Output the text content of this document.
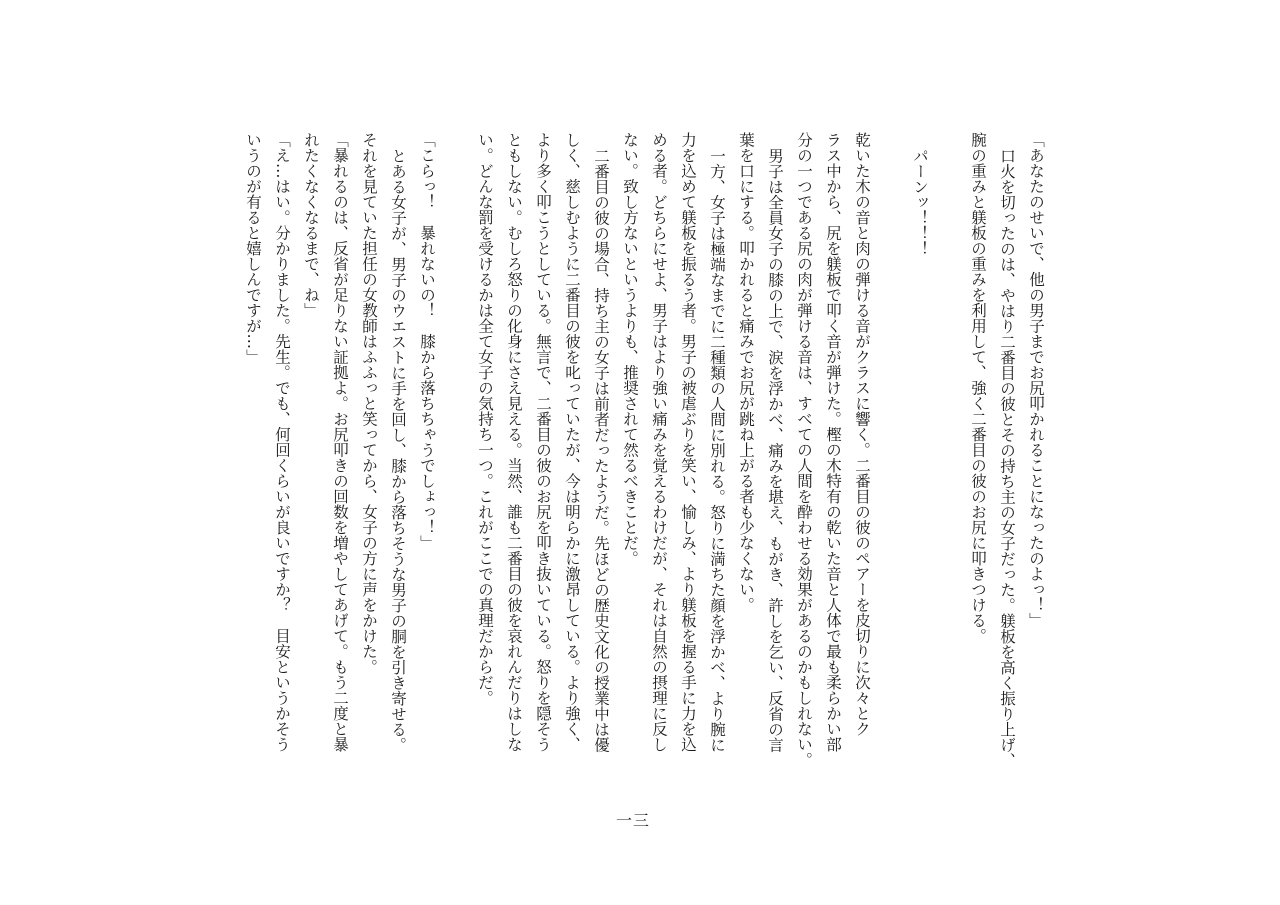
「あなたのせいで、他の男子までお尻叩かれることになったのよっ！」

口火を切ったのは、やはり二番目の彼とその持ち主の女子だった。躾板を高く振り上げ、

腕の重みと躾板の重みを利用して、強く二番目の彼のお尻に叩きつける。

パーンッ！！！

乾いた木の音と肉の弾ける音がクラスに響く。二番目の彼のペアーを皮切りに次々とク

ラス中から、尻を躾板で叩く音が弾けた。樫の木特有の乾いた音と人体で最も柔らかい部

分の一つである尻の肉が弾ける音は、すべての人間を酔わせる効果があるのかもしれない。

男子は全員女子の膝の上で、涙を浮かべ、痛みを堪え、もがき、許しを乞い、反省の言

葉を口にする。叩かれると痛みでお尻が跳ね上がる者も少なくない。

一方、女子は極端なまでに二種類の人間に別れる。怒りに満ちた顔を浮かべ、より腕に

力を込めて躾板を振るう者。男子の被虐ぶりを笑い、愉しみ、より躾板を握る手に力を込

める者。どちらにせよ、男子はより強い痛みを覚えるわけだが、それは自然の摂理に反し

ない。致し方ないというよりも、推奨されて然るべきことだ。

二番目の彼の場合、持ち主の女子は前者だったようだ。先ほどの歴史文化の授業中は優

しく、慈しむように二番目の彼を叱っていたが、今は明らかに激昂している。より強く、

より多く叩こうとしている。無言で、二番目の彼のお尻を叩き抜いている。怒りを隠そう

ともしない。むしろ怒りの化身にさえ見える。当然、誰も二番目の彼を哀れんだりはしな

い。どんな罰を受けるかは全て女子の気持ち一つ。これがここでの真理だからだ。

「こらっ！　暴れないの！　膝から落ちちゃうでしょっ！」

とある女子が、男子のウエストに手を回し、膝から落ちそうな男子の胴を引き寄せる。

それを見ていた担任の女教師はふふっと笑ってから、女子の方に声をかけた。

「暴れるのは、反省が足りない証拠よ。お尻叩きの回数を増やしてあげて。もう二度と暴

れたくなくなるまで、ね」

「え…はい。分かりました。先生。でも、何回くらいが良いですか？　目安というかそう

いうのが有ると嬉しんですが…」

一三
